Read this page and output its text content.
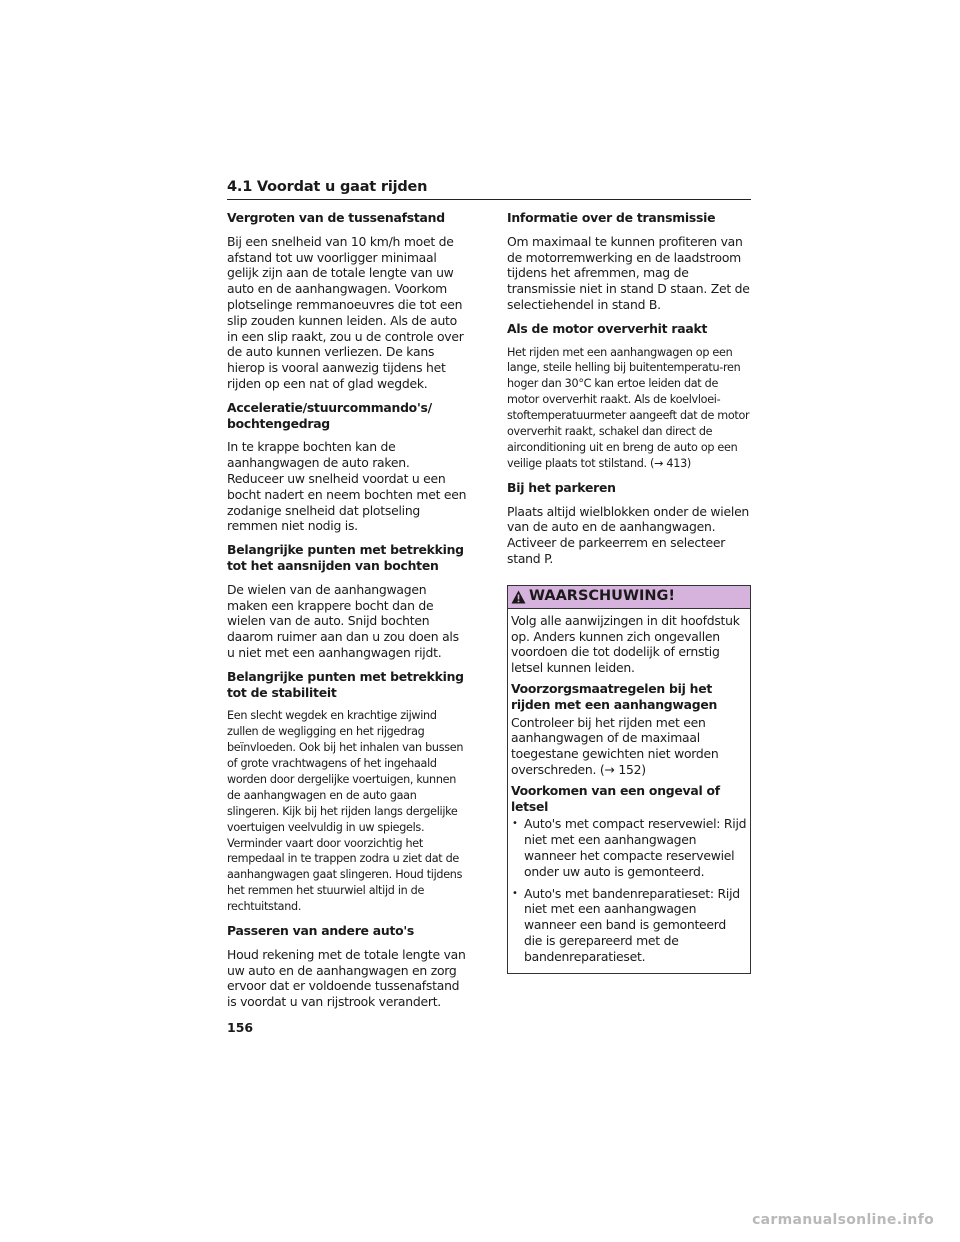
4.1 Voordat u gaat rijden
Vergroten van de tussenafstand
Bij een snelheid van 10 km/h moet de afstand tot uw voorligger minimaal gelijk zijn aan de totale lengte van uw auto en de aanhangwagen. Voorkom plotselinge remmanoeuvres die tot een slip zouden kunnen leiden. Als de auto in een slip raakt, zou u de controle over de auto kunnen verliezen. De kans hierop is vooral aanwezig tijdens het rijden op een nat of glad wegdek.
Acceleratie/stuurcommando's/ bochtengedrag
In te krappe bochten kan de aanhangwagen de auto raken. Reduceer uw snelheid voordat u een bocht nadert en neem bochten met een zodanige snelheid dat plotseling remmen niet nodig is.
Belangrijke punten met betrekking tot het aansnijden van bochten
De wielen van de aanhangwagen maken een krappere bocht dan de wielen van de auto. Snijd bochten daarom ruimer aan dan u zou doen als u niet met een aanhangwagen rijdt.
Belangrijke punten met betrekking tot de stabiliteit
Een slecht wegdek en krachtige zijwind zullen de wegligging en het rijgedrag beïnvloeden. Ook bij het inhalen van bussen of grote vrachtwagens of het ingehaald worden door dergelijke voertuigen, kunnen de aanhangwagen en de auto gaan slingeren. Kijk bij het rijden langs dergelijke voertuigen veelvuldig in uw spiegels. Verminder vaart door voorzichtig het rempedaal in te trappen zodra u ziet dat de aanhangwagen gaat slingeren. Houd tijdens het remmen het stuurwiel altijd in de rechtuitstand.
Passeren van andere auto's
Houd rekening met de totale lengte van uw auto en de aanhangwagen en zorg ervoor dat er voldoende tussenafstand is voordat u van rijstrook verandert.
Informatie over de transmissie
Om maximaal te kunnen profiteren van de motorremwerking en de laadstroom tijdens het afremmen, mag de transmissie niet in stand D staan. Zet de selectiehendel in stand B.
Als de motor oververhit raakt
Het rijden met een aanhangwagen op een lange, steile helling bij buitentemperatu-ren hoger dan 30°C kan ertoe leiden dat de motor oververhit raakt. Als de koelvloei-stoftemperatuurmeter aangeeft dat de motor oververhit raakt, schakel dan direct de airconditioning uit en breng de auto op een veilige plaats tot stilstand. (→ 413)
Bij het parkeren
Plaats altijd wielblokken onder de wielen van de auto en de aanhangwagen. Activeer de parkeerrem en selecteer stand P.
WAARSCHUWING!
Volg alle aanwijzingen in dit hoofdstuk op. Anders kunnen zich ongevallen voordoen die tot dodelijk of ernstig letsel kunnen leiden.
Voorzorgsmaatregelen bij het rijden met een aanhangwagen
Controleer bij het rijden met een aanhangwagen of de maximaal toegestane gewichten niet worden overschreden. (→ 152)
Voorkomen van een ongeval of letsel
• Auto's met compact reservewiel: Rijd niet met een aanhangwagen wanneer het compacte reservewiel onder uw auto is gemonteerd.
• Auto's met bandenreparatieset: Rijd niet met een aanhangwagen wanneer een band is gemonteerd die is gerepareerd met de bandenreparatieset.
156
carmanualsonline.info
